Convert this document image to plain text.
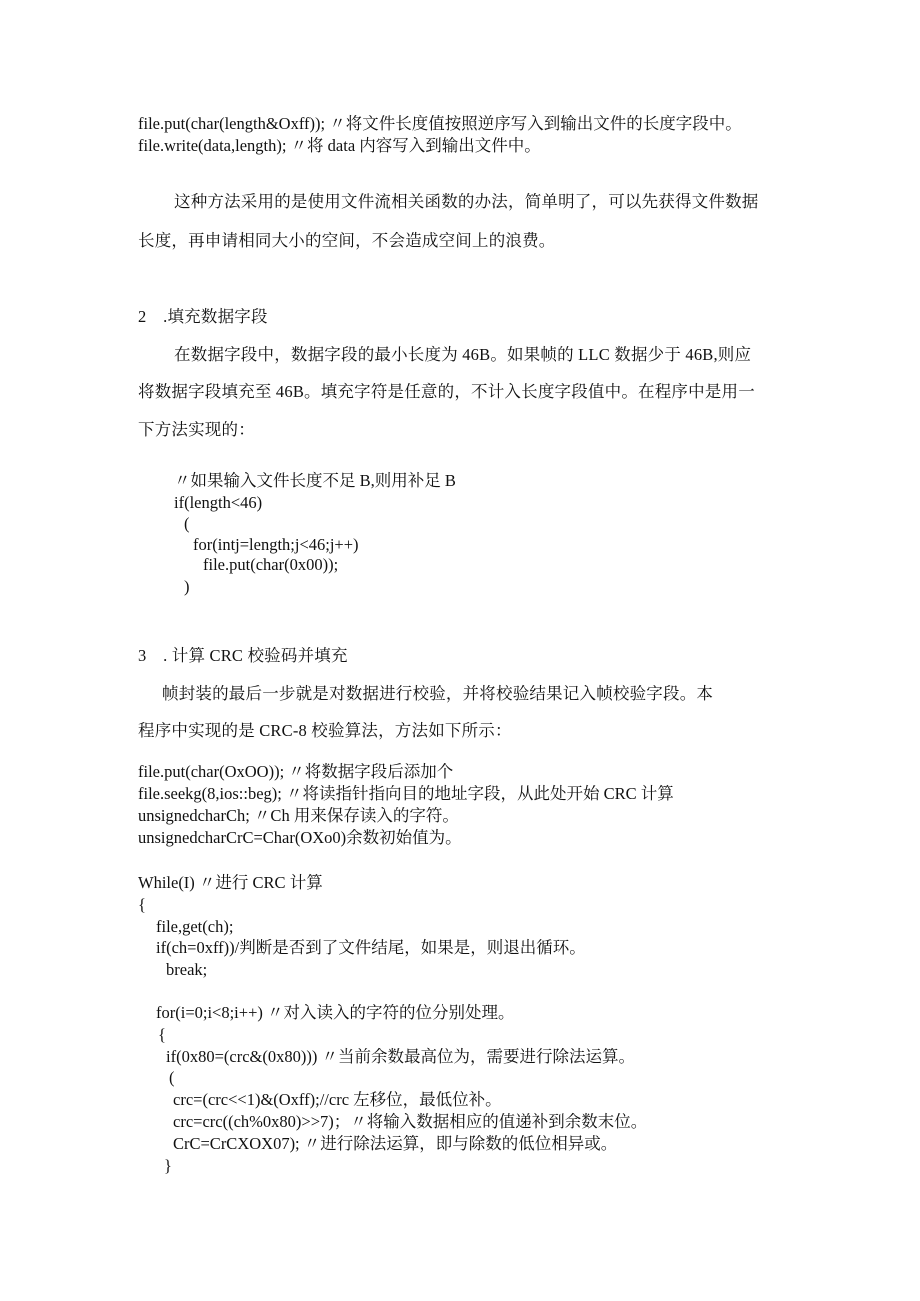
file.put(char(length&Oxff)); 〃将文件长度值按照逆序写入到输出文件的长度字段中。
file.write(data,length); 〃将 data 内容写入到输出文件中。
这种方法采用的是使用文件流相关函数的办法，简单明了，可以先获得文件数据
长度，再申请相同大小的空间，不会造成空间上的浪费。
2　.填充数据字段
在数据字段中，数据字段的最小长度为 46B。如果帧的 LLC 数据少于 46B,则应
将数据字段填充至 46B。填充字符是任意的，不计入长度字段值中。在程序中是用一
下方法实现的：
〃如果输入文件长度不足 B,则用补足 B
if(length<46)
(
for(intj=length;j<46;j++)
file.put(char(0x00));
)
3　. 计算 CRC 校验码并填充
帧封装的最后一步就是对数据进行校验，并将校验结果记入帧校验字段。本
程序中实现的是 CRC-8 校验算法，方法如下所示：
file.put(char(OxOO)); 〃将数据字段后添加个
file.seekg(8,ios::beg); 〃将读指针指向目的地址字段，从此处开始 CRC 计算
unsignedcharCh; 〃Ch 用来保存读入的字符。
unsignedcharCrC=Char(OXo0)余数初始值为。
While(I) 〃进行 CRC 计算
{
file,get(ch);
if(ch=0xff))/判断是否到了文件结尾，如果是，则退出循环。
break;
for(i=0;i<8;i++) 〃对入读入的字符的位分别处理。
{
if(0x80=(crc&(0x80))) 〃当前余数最高位为，需要进行除法运算。
(
crc=(crc<<1)&(Oxff);//crc 左移位，最低位补。
crc=crc((ch%0x80)>>7)；〃将输入数据相应的值递补到余数末位。
CrC=CrCXOX07); 〃进行除法运算，即与除数的低位相异或。
}
